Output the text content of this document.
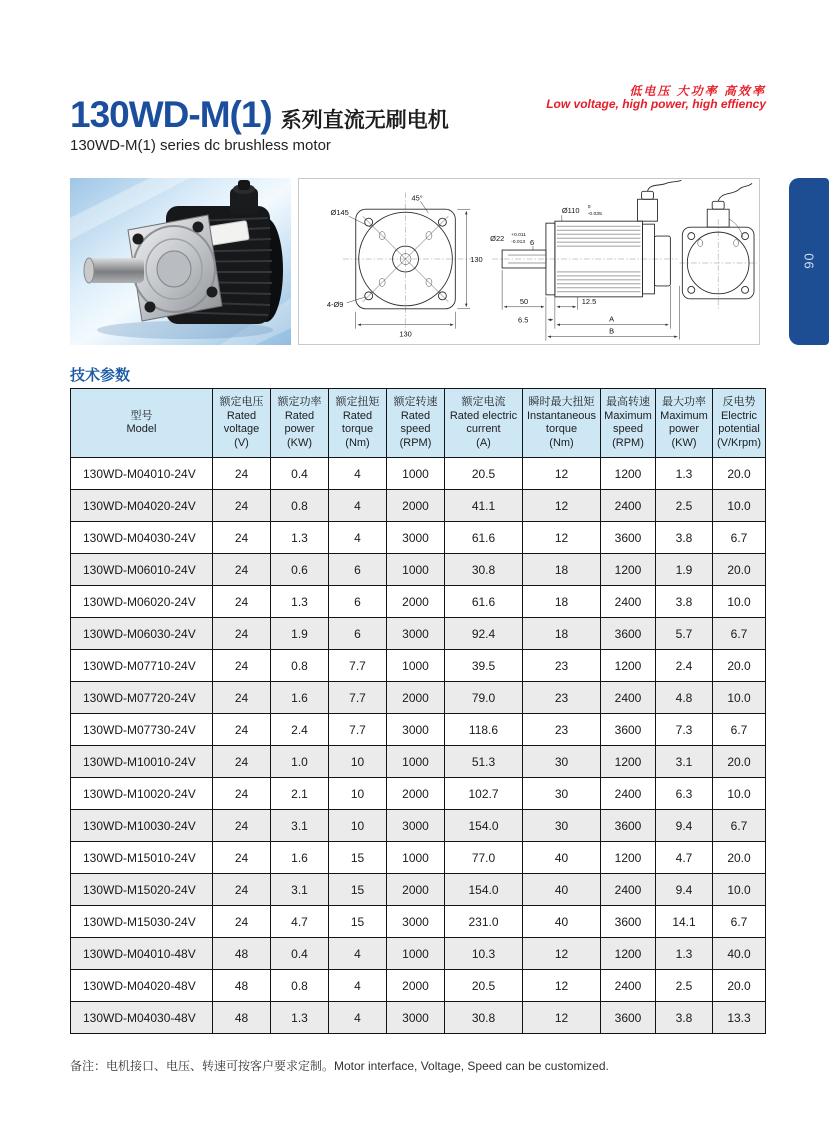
低电压 大功率 高效率
Low voltage, high power, high effiency
130WD-M(1) 系列直流无刷电机
130WD-M(1) series dc brushless motor
Ø145
45°
130
4-Ø9
130
Ø22 +0.011 -0.013
Ø110 0 -0.035
6
50	12.5
6.5	A
B
06
技术参数
型号
Model

额定电压
Rated voltage
(V)

额定功率
Rated power
(KW)

额定扭矩
Rated torque
(Nm)

额定转速
Rated speed
(RPM)

额定电流
Rated electric current
(A)

瞬时最大扭矩
Instantaneous torque
(Nm)

最高转速
Maximum speed
(RPM)

最大功率
Maximum power
(KW)

反电势
Electric potential
(V/Krpm)

130WD-M04010-24V	24	0.4	4	1000	20.5	12	1200	1.3	20.0
130WD-M04020-24V	24	0.8	4	2000	41.1	12	2400	2.5	10.0
130WD-M04030-24V	24	1.3	4	3000	61.6	12	3600	3.8	6.7
130WD-M06010-24V	24	0.6	6	1000	30.8	18	1200	1.9	20.0
130WD-M06020-24V	24	1.3	6	2000	61.6	18	2400	3.8	10.0
130WD-M06030-24V	24	1.9	6	3000	92.4	18	3600	5.7	6.7
130WD-M07710-24V	24	0.8	7.7	1000	39.5	23	1200	2.4	20.0
130WD-M07720-24V	24	1.6	7.7	2000	79.0	23	2400	4.8	10.0
130WD-M07730-24V	24	2.4	7.7	3000	118.6	23	3600	7.3	6.7
130WD-M10010-24V	24	1.0	10	1000	51.3	30	1200	3.1	20.0
130WD-M10020-24V	24	2.1	10	2000	102.7	30	2400	6.3	10.0
130WD-M10030-24V	24	3.1	10	3000	154.0	30	3600	9.4	6.7
130WD-M15010-24V	24	1.6	15	1000	77.0	40	1200	4.7	20.0
130WD-M15020-24V	24	3.1	15	2000	154.0	40	2400	9.4	10.0
130WD-M15030-24V	24	4.7	15	3000	231.0	40	3600	14.1	6.7
130WD-M04010-48V	48	0.4	4	1000	10.3	12	1200	1.3	40.0
130WD-M04020-48V	48	0.8	4	2000	20.5	12	2400	2.5	20.0
130WD-M04030-48V	48	1.3	4	3000	30.8	12	3600	3.8	13.3
备注：电机接口、电压、转速可按客户要求定制。Motor interface, Voltage, Speed can be customized.
